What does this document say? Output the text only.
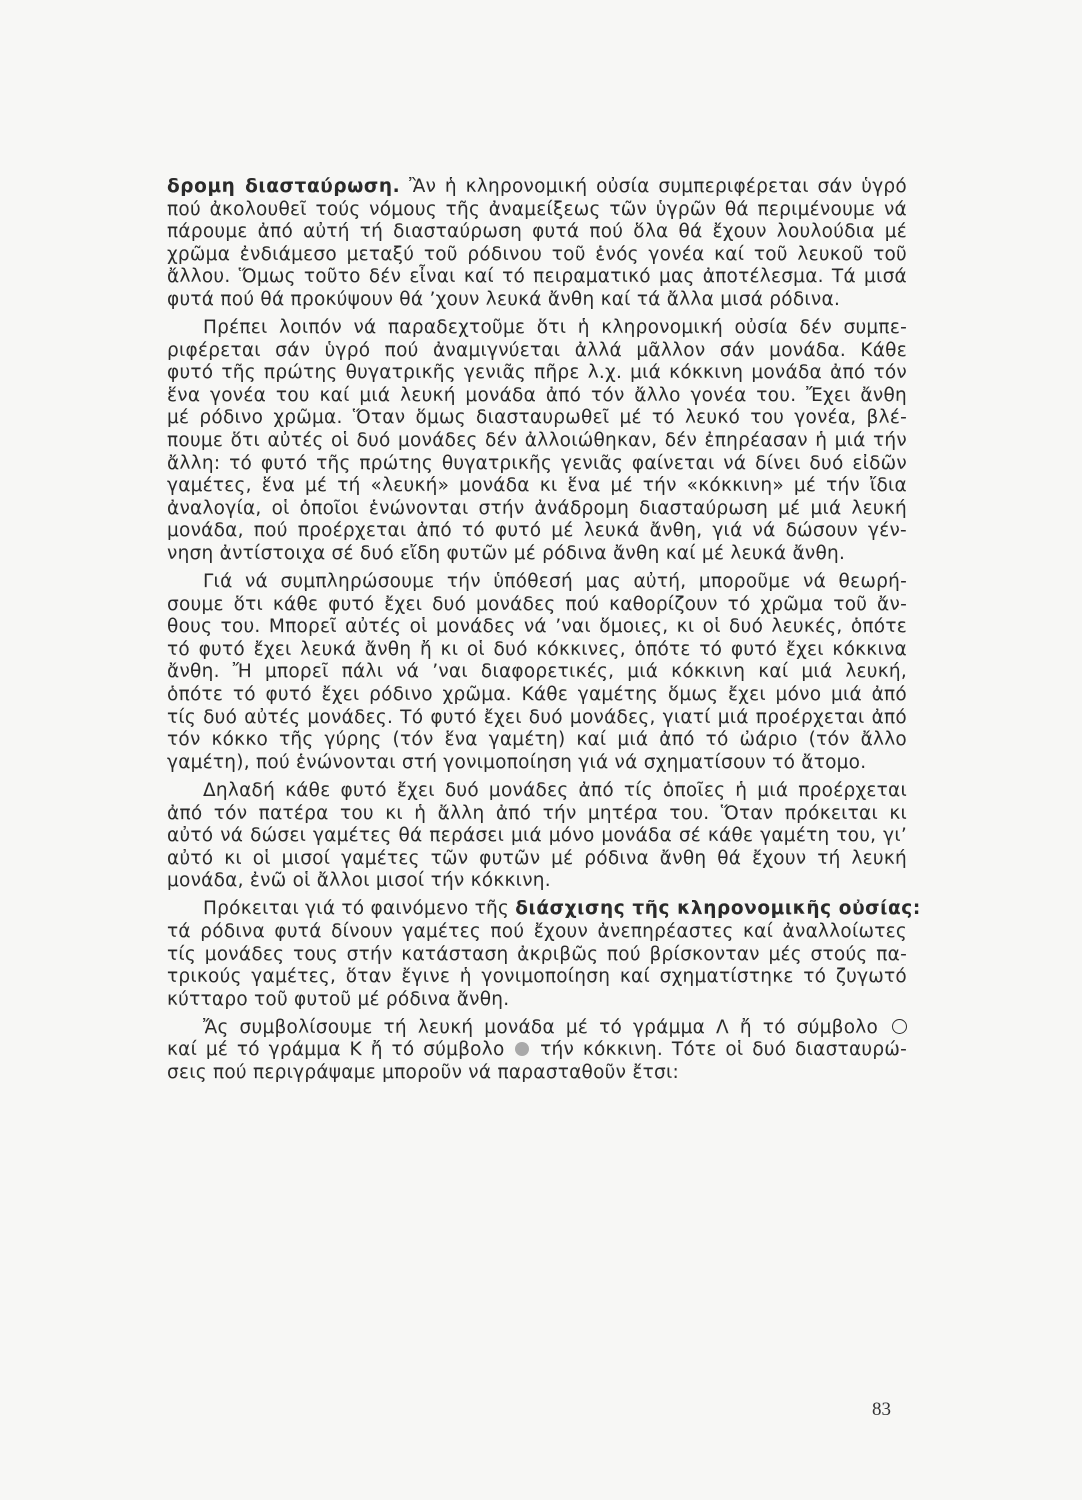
δρομη διασταύρωση. Ἂν ἡ κληρονομική οὐσία συμπεριφέρεται σάν ὑγρό
πού ἀκολουθεῖ τούς νόμους τῆς ἀναμείξεως τῶν ὑγρῶν θά περιμένουμε νά
πάρουμε ἀπό αὐτή τή διασταύρωση φυτά πού ὅλα θά ἔχουν λουλούδια μέ
χρῶμα ἐνδιάμεσο μεταξύ τοῦ ρόδινου τοῦ ἑνός γονέα καί τοῦ λευκοῦ τοῦ
ἄλλου. Ὅμως τοῦτο δέν εἶναι καί τό πειραματικό μας ἀποτέλεσμα. Τά μισά
φυτά πού θά προκύψουν θά ’χουν λευκά ἄνθη καί τά ἄλλα μισά ρόδινα.
Πρέπει λοιπόν νά παραδεχτοῦμε ὅτι ἡ κληρονομική οὐσία δέν συμπε-
ριφέρεται σάν ὑγρό πού ἀναμιγνύεται ἀλλά μᾶλλον σάν μονάδα. Κάθε
φυτό τῆς πρώτης θυγατρικῆς γενιᾶς πῆρε λ.χ. μιά κόκκινη μονάδα ἀπό τόν
ἕνα γονέα του καί μιά λευκή μονάδα ἀπό τόν ἄλλο γονέα του. Ἔχει ἄνθη
μέ ρόδινο χρῶμα. Ὅταν ὅμως διασταυρωθεῖ μέ τό λευκό του γονέα, βλέ-
πουμε ὅτι αὐτές οἱ δυό μονάδες δέν ἀλλοιώθηκαν, δέν ἐπηρέασαν ἡ μιά τήν
ἄλλη: τό φυτό τῆς πρώτης θυγατρικῆς γενιᾶς φαίνεται νά δίνει δυό εἰδῶν
γαμέτες, ἕνα μέ τή «λευκή» μονάδα κι ἕνα μέ τήν «κόκκινη» μέ τήν ἴδια
ἀναλογία, οἱ ὁποῖοι ἑνώνονται στήν ἀνάδρομη διασταύρωση μέ μιά λευκή
μονάδα, πού προέρχεται ἀπό τό φυτό μέ λευκά ἄνθη, γιά νά δώσουν γέν-
νηση ἀντίστοιχα σέ δυό εἴδη φυτῶν μέ ρόδινα ἄνθη καί μέ λευκά ἄνθη.
Γιά νά συμπληρώσουμε τήν ὑπόθεσή μας αὐτή, μποροῦμε νά θεωρή-
σουμε ὅτι κάθε φυτό ἔχει δυό μονάδες πού καθορίζουν τό χρῶμα τοῦ ἄν-
θους του. Μπορεῖ αὐτές οἱ μονάδες νά ’ναι ὅμοιες, κι οἱ δυό λευκές, ὁπότε
τό φυτό ἔχει λευκά ἄνθη ἤ κι οἱ δυό κόκκινες, ὁπότε τό φυτό ἔχει κόκκινα
ἄνθη. Ἤ μπορεῖ πάλι νά ’ναι διαφορετικές, μιά κόκκινη καί μιά λευκή,
ὁπότε τό φυτό ἔχει ρόδινο χρῶμα. Κάθε γαμέτης ὅμως ἔχει μόνο μιά ἀπό
τίς δυό αὐτές μονάδες. Τό φυτό ἔχει δυό μονάδες, γιατί μιά προέρχεται ἀπό
τόν κόκκο τῆς γύρης (τόν ἕνα γαμέτη) καί μιά ἀπό τό ὠάριο (τόν ἄλλο
γαμέτη), πού ἑνώνονται στή γονιμοποίηση γιά νά σχηματίσουν τό ἄτομο.
Δηλαδή κάθε φυτό ἔχει δυό μονάδες ἀπό τίς ὁποῖες ἡ μιά προέρχεται
ἀπό τόν πατέρα του κι ἡ ἄλλη ἀπό τήν μητέρα του. Ὅταν πρόκειται κι
αὐτό νά δώσει γαμέτες θά περάσει μιά μόνο μονάδα σέ κάθε γαμέτη του, γι’
αὐτό κι οἱ μισοί γαμέτες τῶν φυτῶν μέ ρόδινα ἄνθη θά ἔχουν τή λευκή
μονάδα, ἐνῶ οἱ ἄλλοι μισοί τήν κόκκινη.
Πρόκειται γιά τό φαινόμενο τῆς διάσχισης τῆς κληρονομικῆς οὐσίας:
τά ρόδινα φυτά δίνουν γαμέτες πού ἔχουν ἀνεπηρέαστες καί ἀναλλοίωτες
τίς μονάδες τους στήν κατάσταση ἀκριβῶς πού βρίσκονταν μές στούς πα-
τρικούς γαμέτες, ὅταν ἔγινε ἡ γονιμοποίηση καί σχηματίστηκε τό ζυγωτό
κύτταρο τοῦ φυτοῦ μέ ρόδινα ἄνθη.
Ἄς συμβολίσουμε τή λευκή μονάδα μέ τό γράμμα Λ ἤ τό σύμβολο
καί μέ τό γράμμα Κ ἤ τό σύμβολο τήν κόκκινη. Τότε οἱ δυό διασταυρώ-
σεις πού περιγράψαμε μποροῦν νά παρασταθοῦν ἔτσι:
83
